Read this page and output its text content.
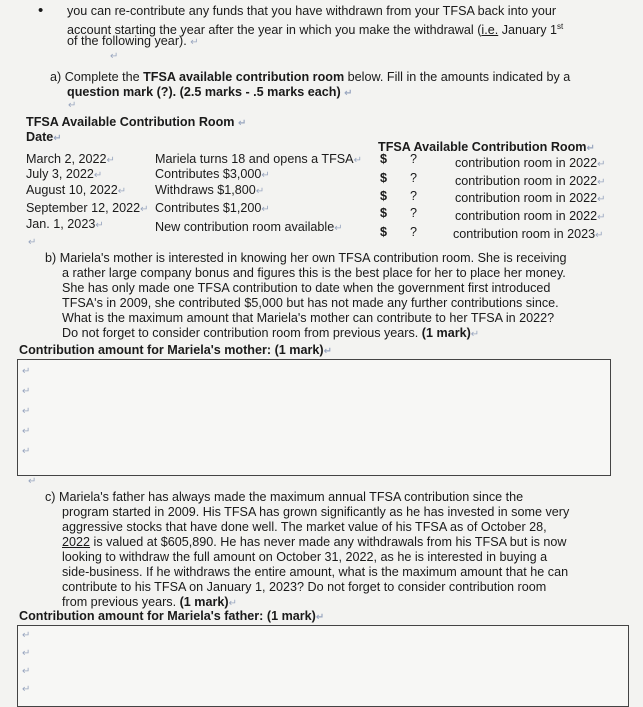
• you can re-contribute any funds that you have withdrawn from your TFSA back into your
account starting the year after the year in which you make the withdrawal (i.e. January 1st
of the following year). ↵
↵
a) Complete the TFSA available contribution room below. Fill in the amounts indicated by a
question mark (?). (2.5 marks - .5 marks each) ↵
↵
TFSA Available Contribution Room ↵
Date↵
TFSA Available Contribution Room↵
March 2, 2022↵	Mariela turns 18 and opens a TFSA↵ $ ?	contribution room in 2022↵
July 3, 2022↵	Contributes $3,000↵	$ ?	contribution room in 2022↵
August 10, 2022↵ Withdraws $1,800↵	$ ?	contribution room in 2022↵
September 12, 2022↵ Contributes $1,200↵	$ ?	contribution room in 2022↵
Jan. 1, 2023↵	New contribution room available↵	$ ?	contribution room in 2023↵
↵
b) Mariela's mother is interested in knowing her own TFSA contribution room. She is receiving
a rather large company bonus and figures this is the best place for her to place her money.
She has only made one TFSA contribution to date when the government first introduced
TFSA's in 2009, she contributed $5,000 but has not made any further contributions since.
What is the maximum amount that Mariela's mother can contribute to her TFSA in 2022?
Do not forget to consider contribution room from previous years. (1 mark)↵
Contribution amount for Mariela's mother: (1 mark)↵
↵
↵
↵
↵
↵
↵
c) Mariela's father has always made the maximum annual TFSA contribution since the
program started in 2009. His TFSA has grown significantly as he has invested in some very
aggressive stocks that have done well. The market value of his TFSA as of October 28,
2022 is valued at $605,890. He has never made any withdrawals from his TFSA but is now
looking to withdraw the full amount on October 31, 2022, as he is interested in buying a
side-business. If he withdraws the entire amount, what is the maximum amount that he can
contribute to his TFSA on January 1, 2023? Do not forget to consider contribution room
from previous years. (1 mark)↵
Contribution amount for Mariela's father: (1 mark)↵
↵
↵
↵
↵
